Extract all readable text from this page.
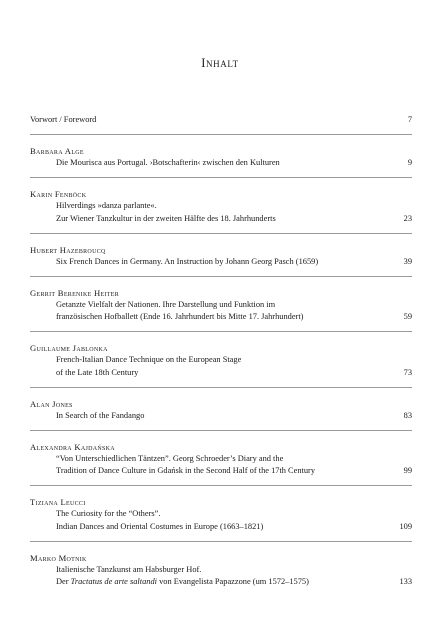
Inhalt
Vorwort / Foreword	7
Barbara Alge
Die Mourisca aus Portugal. ›Botschafterin‹ zwischen den Kulturen	9
Karin Fenböck
Hilverdings »danza parlante«.
Zur Wiener Tanzkultur in der zweiten Hälfte des 18. Jahrhunderts	23
Hubert Hazebroucq
Six French Dances in Germany. An Instruction by Johann Georg Pasch (1659)	39
Gerrit Berenike Heiter
Getanzte Vielfalt der Nationen. Ihre Darstellung und Funktion im
französischen Hofballett (Ende 16. Jahrhundert bis Mitte 17. Jahrhundert)	59
Guillaume Jablonka
French-Italian Dance Technique on the European Stage
of the Late 18th Century	73
Alan Jones
In Search of the Fandango	83
Alexandra Kajdańska
“Von Unterschiedlichen Täntzen”. Georg Schroeder’s Diary and the
Tradition of Dance Culture in Gdańsk in the Second Half of the 17th Century	99
Tiziana Leucci
The Curiosity for the “Others”.
Indian Dances and Oriental Costumes in Europe (1663–1821)	109
Marko Motnik
Italienische Tanzkunst am Habsburger Hof.
Der Tractatus de arte saltandi von Evangelista Papazzone (um 1572–1575)	133
